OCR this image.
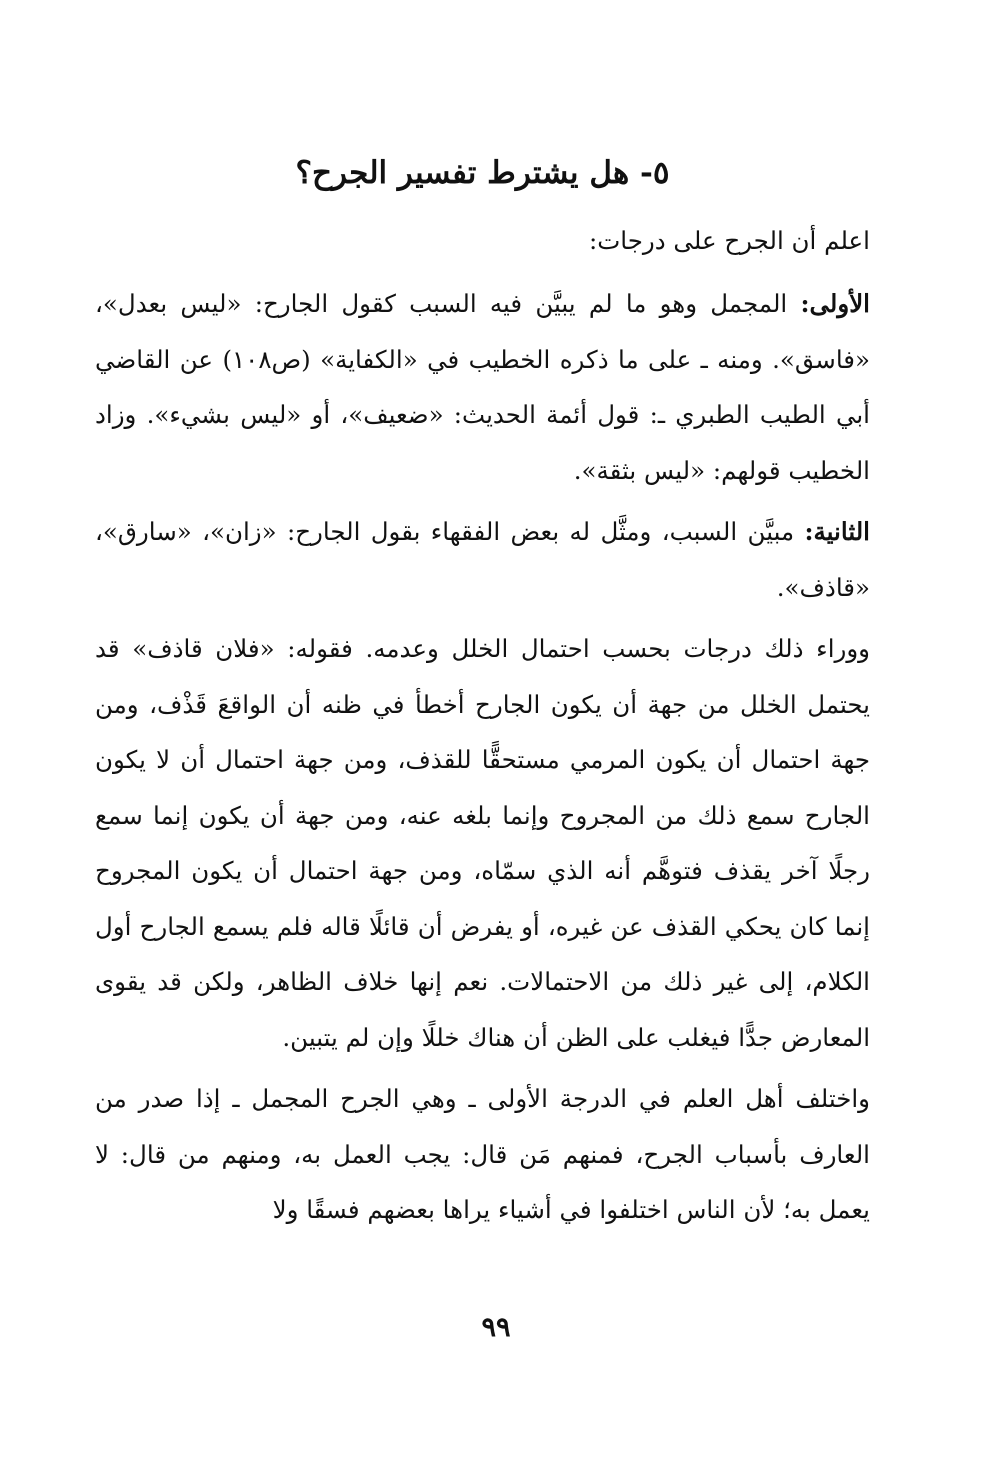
٥- هل يشترط تفسير الجرح؟

اعلم أن الجرح على درجات:

الأولى: المجمل وهو ما لم يبيَّن فيه السبب كقول الجارح: «ليس بعدل»، «فاسق». ومنه ـ على ما ذكره الخطيب في «الكفاية» (ص١٠٨) عن القاضي أبي الطيب الطبري ـ: قول أئمة الحديث: «ضعيف»، أو «ليس بشيء». وزاد الخطيب قولهم: «ليس بثقة».

الثانية: مبيَّن السبب، ومثَّل له بعض الفقهاء بقول الجارح: «زان»، «سارق»، «قاذف».

ووراء ذلك درجات بحسب احتمال الخلل وعدمه. فقوله: «فلان قاذف» قد يحتمل الخلل من جهة أن يكون الجارح أخطأ في ظنه أن الواقعَ قَذْف، ومن جهة احتمال أن يكون المرمي مستحقًّا للقذف، ومن جهة احتمال أن لا يكون الجارح سمع ذلك من المجروح وإنما بلغه عنه، ومن جهة أن يكون إنما سمع رجلًا آخر يقذف فتوهَّم أنه الذي سمّاه، ومن جهة احتمال أن يكون المجروح إنما كان يحكي القذف عن غيره، أو يفرض أن قائلًا قاله فلم يسمع الجارح أول الكلام، إلى غير ذلك من الاحتمالات. نعم إنها خلاف الظاهر، ولكن قد يقوى المعارض جدًّا فيغلب على الظن أن هناك خللًا وإن لم يتبين.

واختلف أهل العلم في الدرجة الأولى ـ وهي الجرح المجمل ـ إذا صدر من العارف بأسباب الجرح، فمنهم مَن قال: يجب العمل به، ومنهم من قال: لا يعمل به؛ لأن الناس اختلفوا في أشياء يراها بعضهم فسقًا ولا

٩٩
